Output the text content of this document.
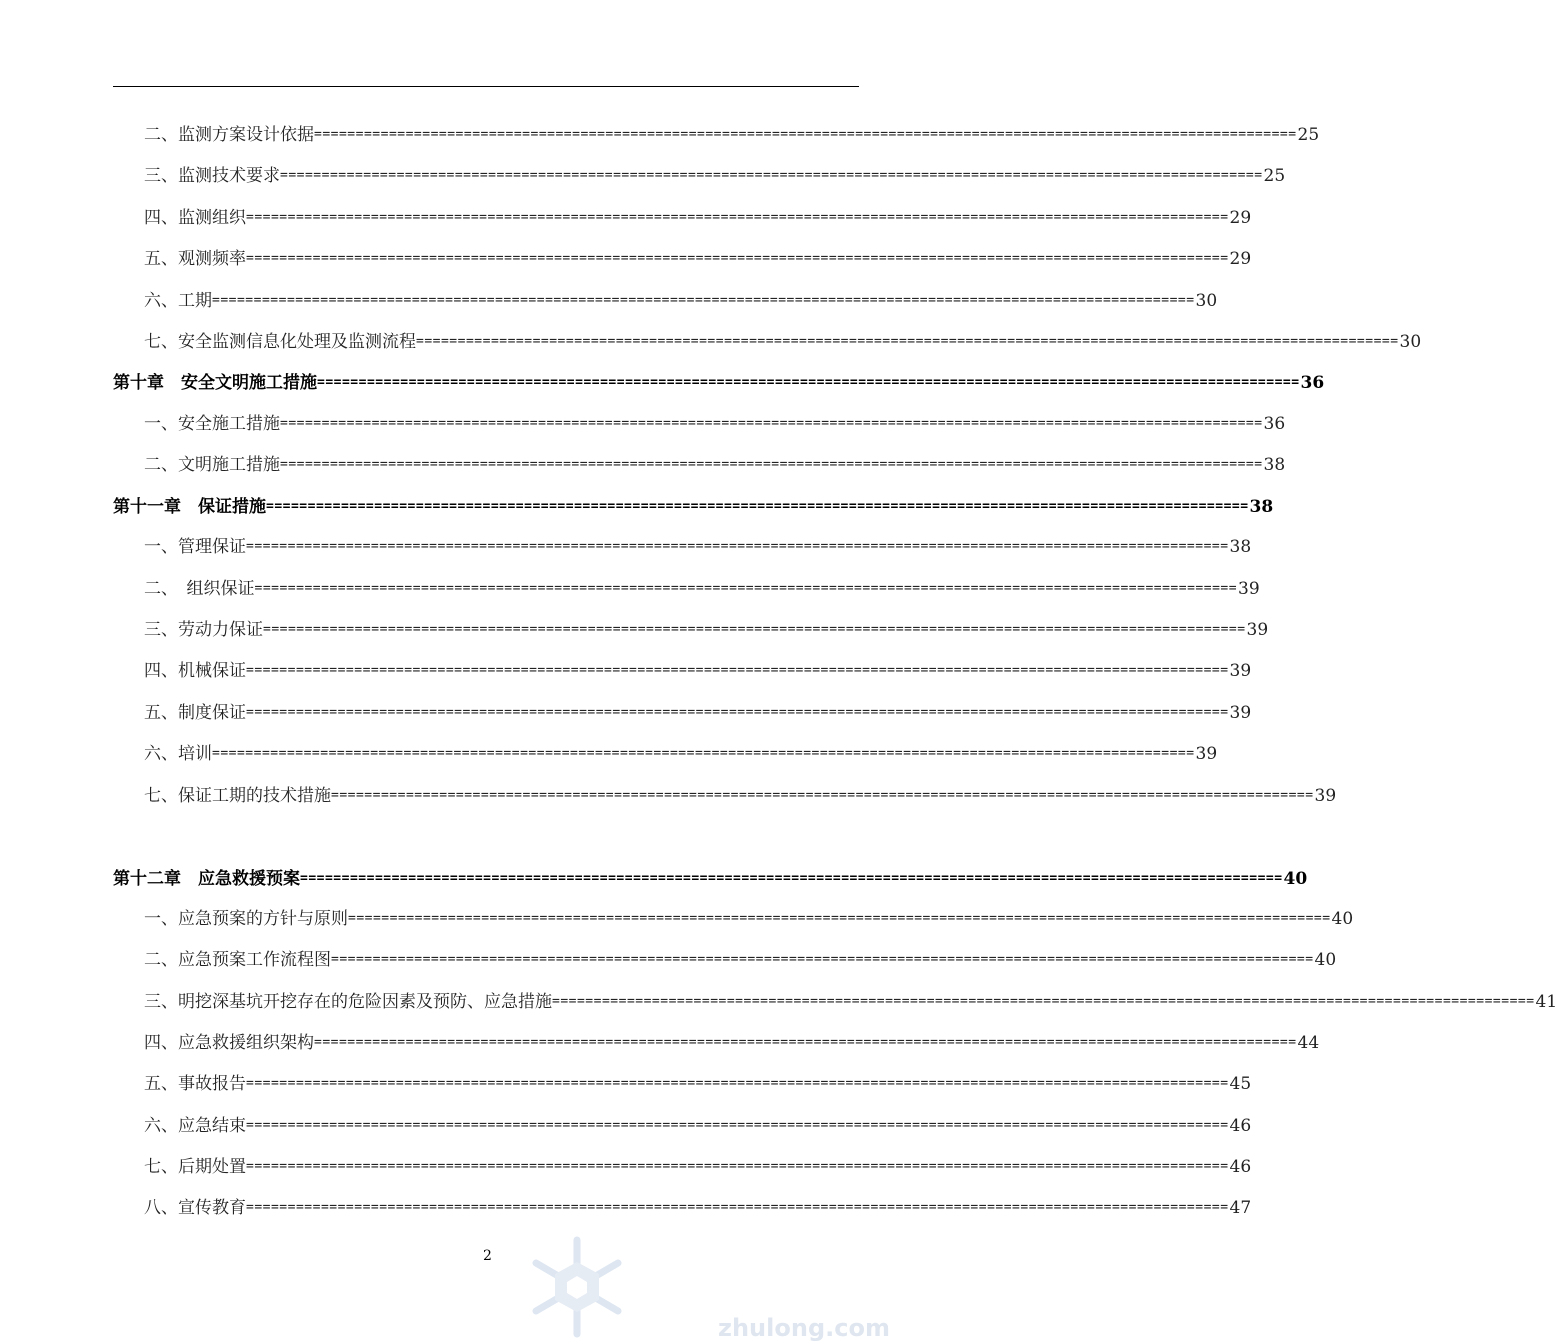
二、监测方案设计依据 ====================================================================================================================== 25
三、监测技术要求 ====================================================================================================================== 25
四、监测组织 ====================================================================================================================== 29
五、观测频率 ====================================================================================================================== 29
六、工期 ====================================================================================================================== 30
七、安全监测信息化处理及监测流程 ====================================================================================================================== 30
第十章　安全文明施工措施 ====================================================================================================================== 36
一、安全施工措施 ====================================================================================================================== 36
二、文明施工措施 ====================================================================================================================== 38
第十一章　保证措施 ====================================================================================================================== 38
一、管理保证 ====================================================================================================================== 38
二、　组织保证 ====================================================================================================================== 39
三、劳动力保证 ====================================================================================================================== 39
四、机械保证 ====================================================================================================================== 39
五、制度保证 ====================================================================================================================== 39
六、培训 ====================================================================================================================== 39
七、保证工期的技术措施 ====================================================================================================================== 39
第十二章　应急救援预案 ====================================================================================================================== 40
一、应急预案的方针与原则 ====================================================================================================================== 40
二、应急预案工作流程图 ====================================================================================================================== 40
三、明挖深基坑开挖存在的危险因素及预防、应急措施 ====================================================================================================================== 41
四、应急救援组织架构 ====================================================================================================================== 44
五、事故报告 ====================================================================================================================== 45
六、应急结束 ====================================================================================================================== 46
七、后期处置 ====================================================================================================================== 46
八、宣传教育 ====================================================================================================================== 47
2
zhulong.com
